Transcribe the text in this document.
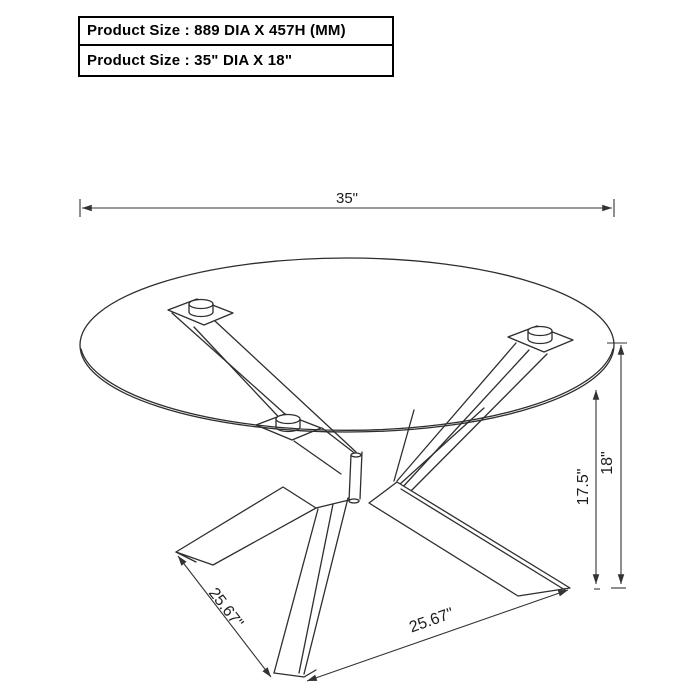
Product Size : 889 DIA X 457H (MM)
Product Size : 35" DIA X 18"
35"
18"
17.5"
25.67"	25.67"
